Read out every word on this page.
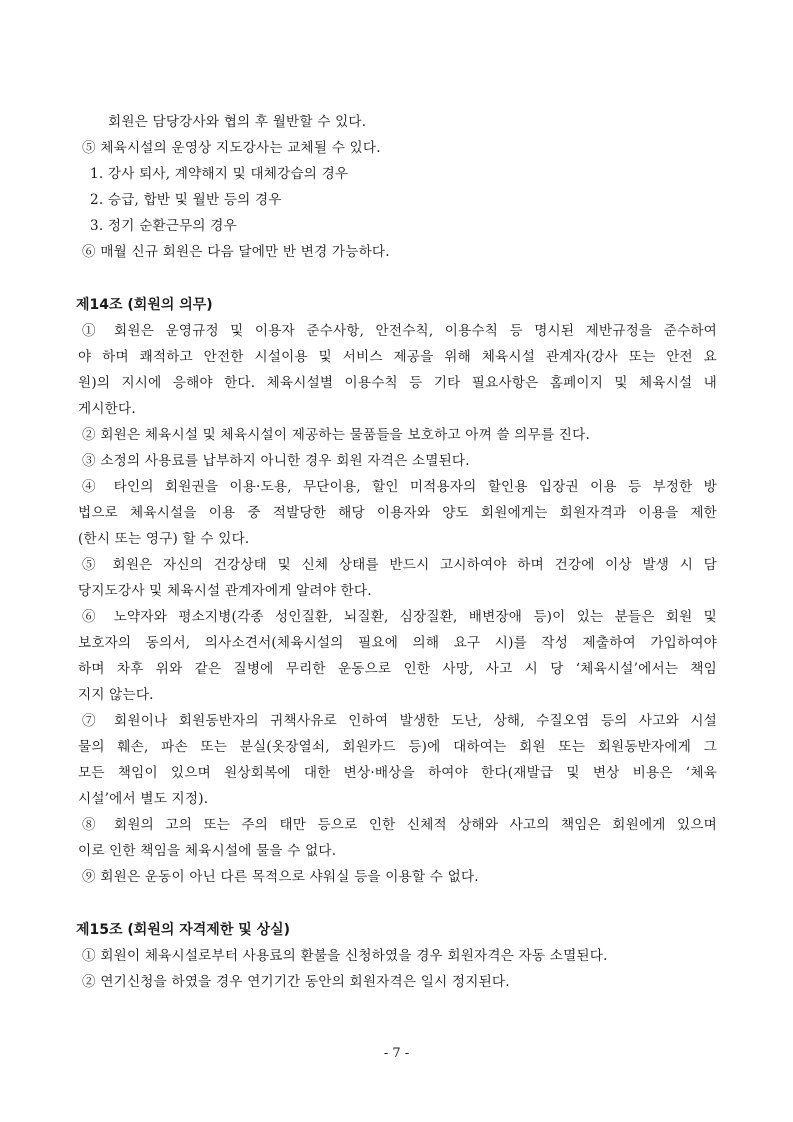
회원은 담당강사와 협의 후 월반할 수 있다.
⑤ 체육시설의 운영상 지도강사는 교체될 수 있다.
1. 강사 퇴사, 계약해지 및 대체강습의 경우
2. 승급, 합반 및 월반 등의 경우
3. 정기 순환근무의 경우
⑥ 매월 신규 회원은 다음 달에만 반 변경 가능하다.
제14조 (회원의 의무)
① 회원은 운영규정 및 이용자 준수사항, 안전수칙, 이용수칙 등 명시된 제반규정을 준수하여
야 하며 쾌적하고 안전한 시설이용 및 서비스 제공을 위해 체육시설 관계자(강사 또는 안전 요
원)의 지시에 응해야 한다. 체육시설별 이용수칙 등 기타 필요사항은 홈페이지 및 체육시설 내
게시한다.
② 회원은 체육시설 및 체육시설이 제공하는 물품들을 보호하고 아껴 쓸 의무를 진다.
③ 소정의 사용료를 납부하지 아니한 경우 회원 자격은 소멸된다.
④ 타인의 회원권을 이용·도용, 무단이용, 할인 미적용자의 할인용 입장권 이용 등 부정한 방
법으로 체육시설을 이용 중 적발당한 해당 이용자와 양도 회원에게는 회원자격과 이용을 제한
(한시 또는 영구) 할 수 있다.
⑤ 회원은 자신의 건강상태 및 신체 상태를 반드시 고시하여야 하며 건강에 이상 발생 시 담
당지도강사 및 체육시설 관계자에게 알려야 한다.
⑥ 노약자와 평소지병(각종 성인질환, 뇌질환, 심장질환, 배변장애 등)이 있는 분들은 회원 및
보호자의 동의서, 의사소견서(체육시설의 필요에 의해 요구 시)를 작성 제출하여 가입하여야
하며 차후 위와 같은 질병에 무리한 운동으로 인한 사망, 사고 시 당 ‘체육시설’에서는 책임
지지 않는다.
⑦ 회원이나 회원동반자의 귀책사유로 인하여 발생한 도난, 상해, 수질오염 등의 사고와 시설
물의 훼손, 파손 또는 분실(옷장열쇠, 회원카드 등)에 대하여는 회원 또는 회원동반자에게 그
모든 책임이 있으며 원상회복에 대한 변상·배상을 하여야 한다(재발급 및 변상 비용은 ‘체육
시설’에서 별도 지정).
⑧ 회원의 고의 또는 주의 태만 등으로 인한 신체적 상해와 사고의 책임은 회원에게 있으며
이로 인한 책임을 체육시설에 물을 수 없다.
⑨ 회원은 운동이 아닌 다른 목적으로 샤워실 등을 이용할 수 없다.
제15조 (회원의 자격제한 및 상실)
① 회원이 체육시설로부터 사용료의 환불을 신청하였을 경우 회원자격은 자동 소멸된다.
② 연기신청을 하였을 경우 연기기간 동안의 회원자격은 일시 정지된다.
- 7 -
